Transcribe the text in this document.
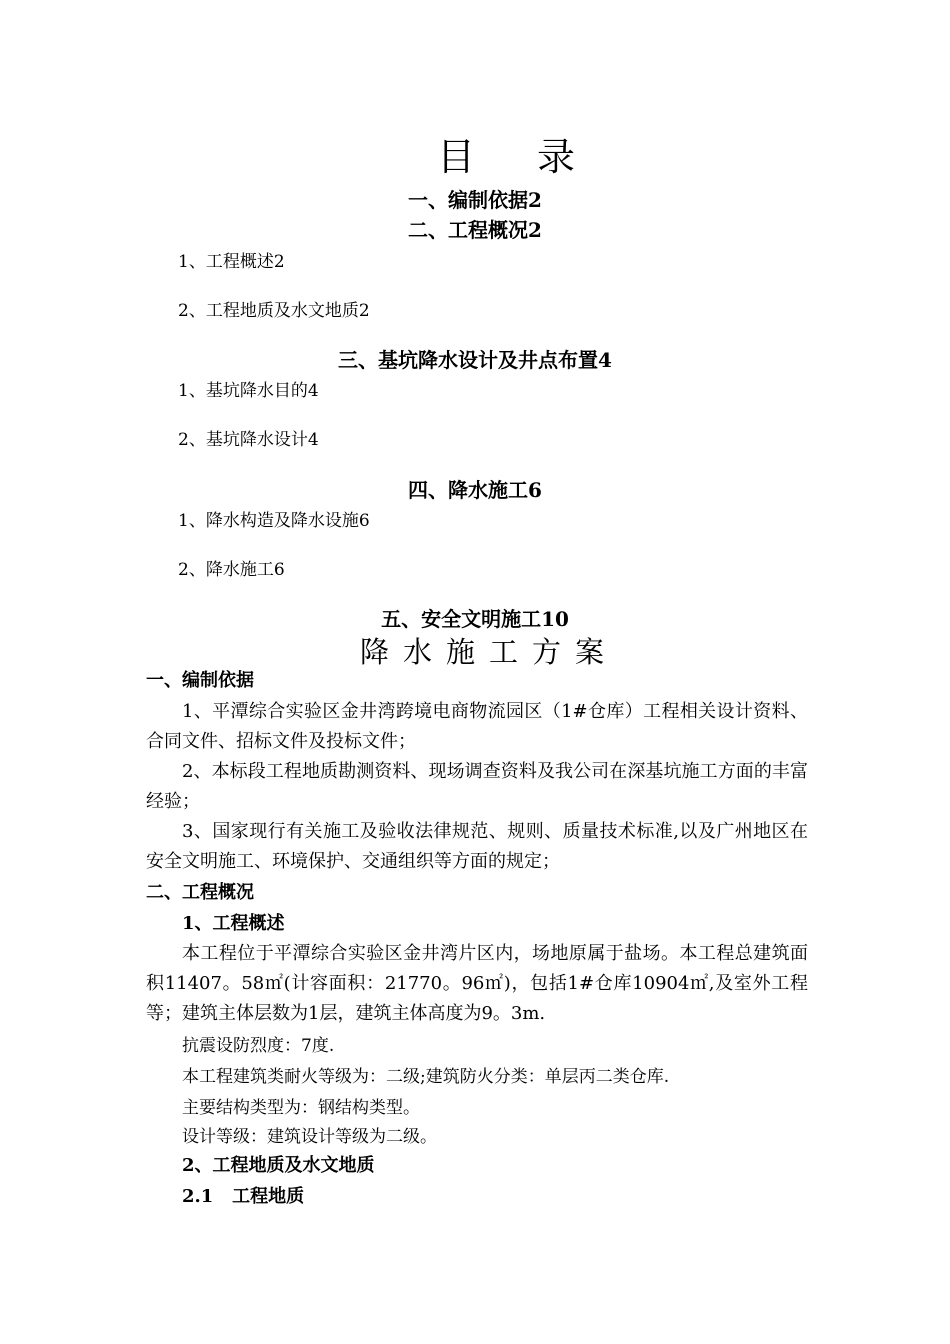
目录
一、编制依据2
二、工程概况2
1、工程概述2
2、工程地质及水文地质2
三、基坑降水设计及井点布置4
1、基坑降水目的4
2、基坑降水设计4
四、降水施工6
1、降水构造及降水设施6
2、降水施工6
五、安全文明施工10
降水施工方案
一、编制依据
1、平潭综合实验区金井湾跨境电商物流园区（1#仓库）工程相关设计资料、合同文件、招标文件及投标文件；
2、本标段工程地质勘测资料、现场调查资料及我公司在深基坑施工方面的丰富经验；
3、国家现行有关施工及验收法律规范、规则、质量技术标准,以及广州地区在安全文明施工、环境保护、交通组织等方面的规定；
二、工程概况
1、工程概述
本工程位于平潭综合实验区金井湾片区内，场地原属于盐场。本工程总建筑面积11407。58㎡(计容面积：21770。96㎡)，包括1#仓库10904㎡,及室外工程等；建筑主体层数为1层，建筑主体高度为9。3m.
抗震设防烈度：7度.
本工程建筑类耐火等级为：二级;建筑防火分类：单层丙二类仓库.
主要结构类型为：钢结构类型。
设计等级：建筑设计等级为二级。
2、工程地质及水文地质
2.1   工程地质
